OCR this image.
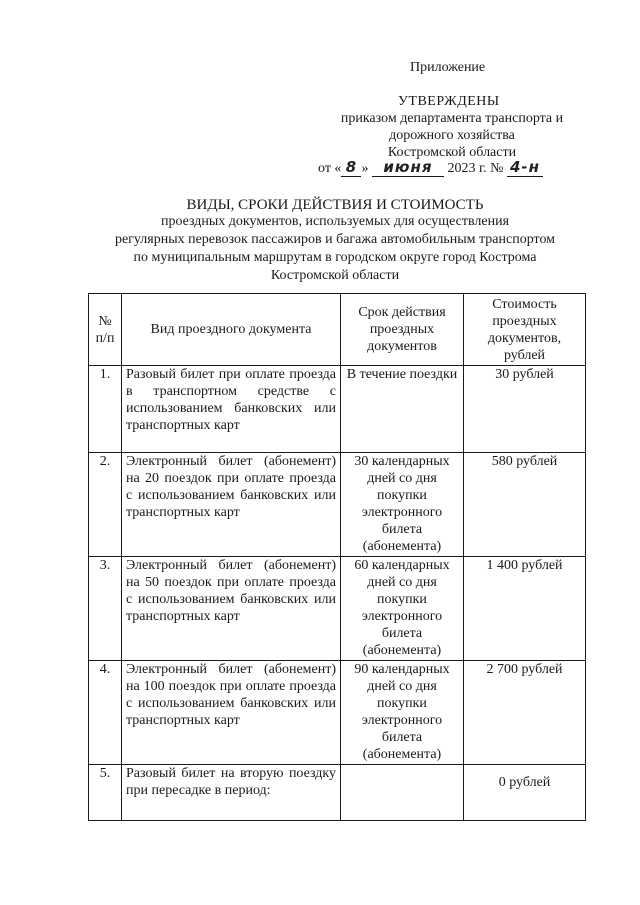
Приложение
УТВЕРЖДЕНЫ
приказом департамента транспорта и
дорожного хозяйства
Костромской области
от « 8 » июня 2023 г. № 4-н
ВИДЫ, СРОКИ ДЕЙСТВИЯ И СТОИМОСТЬ
проездных документов, используемых для осуществления
регулярных перевозок пассажиров и багажа автомобильным транспортом
по муниципальным маршрутам в городском округе город Кострома
Костромской области
№ п/п	Вид проездного документа	Срок действия проездных документов	Стоимость проездных документов, рублей
1.	Разовый билет при оплате проезда в транспортном средстве с использованием банковских или транспортных карт	В течение поездки	30 рублей
2.	Электронный билет (абонемент) на 20 поездок при оплате проезда с использованием банковских или транспортных карт	30 календарных дней со дня покупки электронного билета (абонемента)	580 рублей
3.	Электронный билет (абонемент) на 50 поездок при оплате проезда с использованием банковских или транспортных карт	60 календарных дней со дня покупки электронного билета (абонемента)	1 400 рублей
4.	Электронный билет (абонемент) на 100 поездок при оплате проезда с использованием банковских или транспортных карт	90 календарных дней со дня покупки электронного билета (абонемента)	2 700 рублей
5.	Разовый билет на вторую поездку при пересадке в период:		0 рублей
